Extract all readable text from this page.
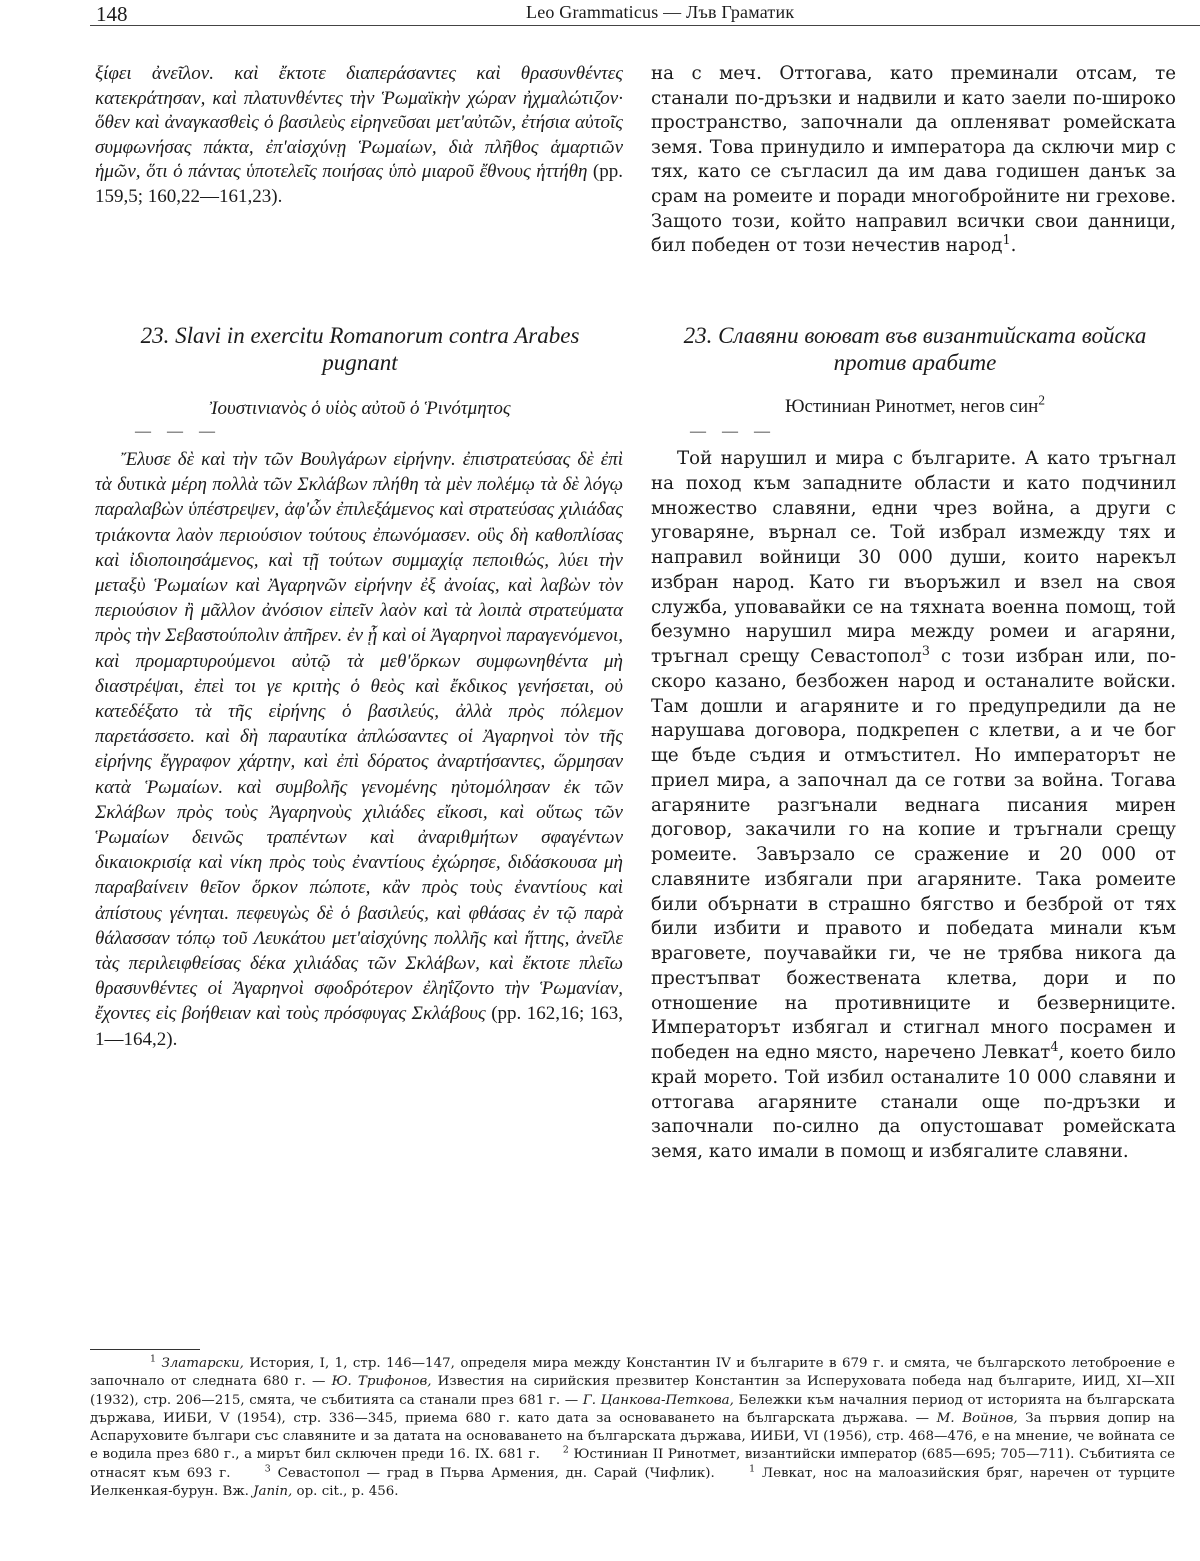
148	Leo Grammaticus — Лъв Граматик

ξίφει ἀνεῖλον. καὶ ἔκτοτε διαπεράσαντες καὶ θρασυνθέντες κατεκράτησαν, καὶ πλατυνθέντες τὴν Ῥωμαϊκὴν χώραν ἠχμαλώτιζον· ὅθεν καὶ ἀναγκασθεὶς ὁ βασιλεὺς εἰρηνεῦσαι μετ'αὐτῶν, ἐτήσια αὐτοῖς συμφωνήσας πάκτα, ἐπ'αἰσχύνῃ Ῥωμαίων, διὰ πλῆθος ἁμαρτιῶν ἡμῶν, ὅτι ὁ πάντας ὑποτελεῖς ποιήσας ὑπὸ μιαροῦ ἔθνους ἡττήθη (pp. 159,5; 160,22—161,23).

на с меч. Оттогава, като преминали отсам, те станали по-дръзки и надвили и като заели по-широко пространство, започнали да опленяват ромейската земя. Това принудило и императора да сключи мир с тях, като се съгласил да им дава годишен данък за срам на ромеите и поради многобройните ни грехове. Защото този, който направил всички свои данници, бил победен от този нечестив народ$^1$.

23. Slavi in exercitu Romanorum contra Arabes pugnant
23. Славяни воюват във византийската войска против арабите
Ἰουστινιανὸς ὁ υἱὸς αὐτοῦ ὁ Ῥινότμητος	Юстиниан Ринотмет, негов син$^2$
— — —	— — —

Ἔλυσε δὲ καὶ τὴν τῶν Βουλγάρων εἰρήνην. ἐπιστρατεύσας δὲ ἐπὶ τὰ δυτικὰ μέρη πολλὰ τῶν Σκλάβων πλήθη τὰ μὲν πολέμῳ τὰ δὲ λόγῳ παραλαβὼν ὑπέστρεψεν, ἀφ'ὧν ἐπιλεξάμενος καὶ στρατεύσας χιλιάδας τριάκοντα λαὸν περιούσιον τούτους ἐπωνόμασεν. οὓς δὴ καθοπλίσας καὶ ἰδιοποιησάμενος, καὶ τῇ τούτων συμμαχίᾳ πεποιθώς, λύει τὴν μεταξὺ Ῥωμαίων καὶ Ἀγαρηνῶν εἰρήνην ἐξ ἀνοίας, καὶ λαβὼν τὸν περιούσιον ἢ μᾶλλον ἀνόσιον εἰπεῖν λαὸν καὶ τὰ λοιπὰ στρατεύματα πρὸς τὴν Σεβαστούπολιν ἀπῆρεν. ἐν ᾗ καὶ οἱ Ἀγαρηνοὶ παραγενόμενοι, καὶ προμαρτυρούμενοι αὐτῷ τὰ μεθ'ὅρκων συμφωνηθέντα μὴ διαστρέψαι, ἐπεὶ τοι γε κριτὴς ὁ θεὸς καὶ ἔκδικος γενήσεται, οὐ κατεδέξατο τὰ τῆς εἰρήνης ὁ βασιλεύς, ἀλλὰ πρὸς πόλεμον παρετάσσετο. καὶ δὴ παραυτίκα ἀπλώσαντες οἱ Ἀγαρηνοὶ τὸν τῆς εἰρήνης ἔγγραφον χάρτην, καὶ ἐπὶ δόρατος ἀναρτήσαντες, ὥρμησαν κατὰ Ῥωμαίων. καὶ συμβολῆς γενομένης ηὐτομόλησαν ἐκ τῶν Σκλάβων πρὸς τοὺς Ἀγαρηνοὺς χιλιάδες εἴκοσι, καὶ οὕτως τῶν Ῥωμαίων δεινῶς τραπέντων καὶ ἀναριθμήτων σφαγέντων δικαιοκρισίᾳ καὶ νίκη πρὸς τοὺς ἐναντίους ἐχώρησε, διδάσκουσα μὴ παραβαίνειν θεῖον ὅρκον πώποτε, κἂν πρὸς τοὺς ἐναντίους καὶ ἀπίστους γένηται. πεφευγὼς δὲ ὁ βασιλεύς, καὶ φθάσας ἐν τῷ παρὰ θάλασσαν τόπῳ τοῦ Λευκάτου μετ'αἰσχύνης πολλῆς καὶ ἥττης, ἀνεῖλε τὰς περιλειφθείσας δέκα χιλιάδας τῶν Σκλάβων, καὶ ἔκτοτε πλεῖω θρασυνθέντες οἱ Ἀγαρηνοὶ σφοδρότερον ἐληΐζοντο τὴν Ῥωμανίαν, ἔχοντες εἰς βοήθειαν καὶ τοὺς πρόσφυγας Σκλάβους (pp. 162,16; 163, 1—164,2).

Той нарушил и мира с българите. А като тръгнал на поход към западните области и като подчинил множество славяни, едни чрез война, а други с уговаряне, върнал се. Той избрал измежду тях и направил войници 30 000 души, които нарекъл избран народ. Като ги въоръжил и взел на своя служба, уповавайки се на тяхната военна помощ, той безумно нарушил мира между ромеи и агаряни, тръгнал срещу Севастопол$^3$ с този избран или, по-скоро казано, безбожен народ и останалите войски. Там дошли и агаряните и го предупредили да не нарушава договора, подкрепен с клетви, а и че бог ще бъде съдия и отмъстител. Но императорът не приел мира, а започнал да се готви за война. Тогава агаряните разгънали веднага писания мирен договор, закачили го на копие и тръгнали срещу ромеите. Завързало се сражение и 20 000 от славяните избягали при агаряните. Така ромеите били обърнати в страшно бягство и безброй от тях били избити и правото и победата минали към враговете, поучавайки ги, че не трябва никога да престъпват божествената клетва, дори и по отношение на противниците и безверниците. Императорът избягал и стигнал много посрамен и победен на едно място, наречено Левкат$^4$, което било край морето. Той избил останалите 10 000 славяни и оттогава агаряните станали още по-дръзки и започнали по-силно да опустошават ромейската земя, като имали в помощ и избягалите славяни.

$^1$ Златарски, История, I, 1, стр. 146—147, определя мира между Константин IV и българите в 679 г. и смята, че българското летоброение е започнало от следната 680 г. — Ю. Трифонов, Известия на сирийския презвитер Константин за Исперуховата победа над българите, ИИД, XI—XII (1932), стр. 206—215, смята, че събитията са станали през 681 г. — Г. Цанкова-Петкова, Бележки към началния период от историята на българската държава, ИИБИ, V (1954), стр. 336—345, приема 680 г. като дата за основаването на българската държава. — М. Войнов, За първия допир на Аспаруховите българи със славяните и за датата на основаването на българската държава, ИИБИ, VI (1956), стр. 468—476, е на мнение, че войната се е водила през 680 г., а мирът бил сключен преди 16. IX. 681 г. $^2$ Юстиниан II Ринотмет, византийски император (685—695; 705—711). Събитията се отнасят към 693 г.	$^3$ Севастопол — град в Първа Армения, дн. Сарай (Чифлик).	$^1$ Левкат, нос на малоазийския бряг, наречен от турците Иелкенкая-бурун. Вж. Janin, op. cit., p. 456.
